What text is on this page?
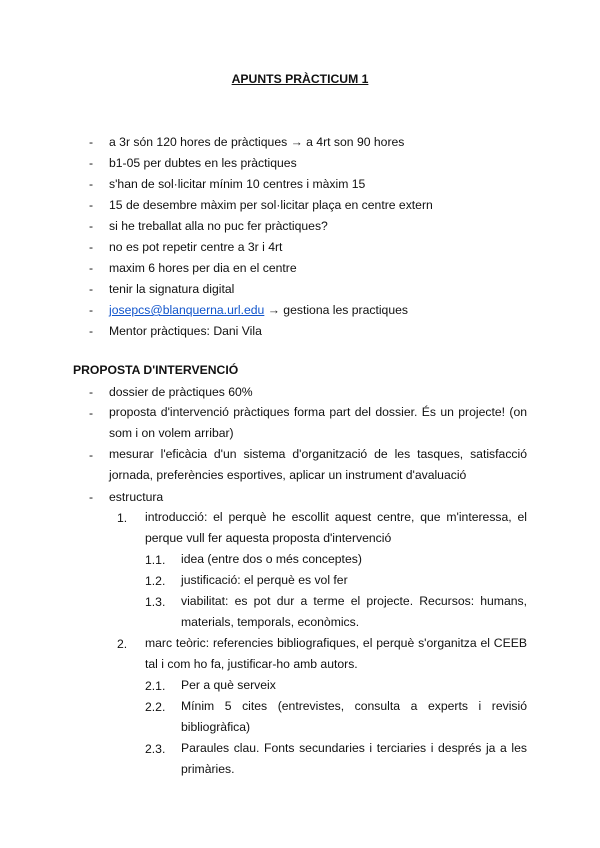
APUNTS PRÀCTICUM 1
- a 3r són 120 hores de pràctiques → a 4rt son 90 hores
- b1-05 per dubtes en les pràctiques
- s'han de sol·licitar mínim 10 centres i màxim 15
- 15 de desembre màxim per sol·licitar plaça en centre extern
- si he treballat alla no puc fer pràctiques?
- no es pot repetir centre a 3r i 4rt
- maxim 6 hores per dia en el centre
- tenir la signatura digital
- josepcs@blanquerna.url.edu → gestiona les practiques
- Mentor pràctiques: Dani Vila
PROPOSTA D'INTERVENCIÓ
- dossier de pràctiques 60%
- proposta d'intervenció pràctiques forma part del dossier. És un projecte! (on som i on volem arribar)
- mesurar l'eficàcia d'un sistema d'organització de les tasques, satisfacció jornada, preferències esportives, aplicar un instrument d'avaluació
- estructura
1. introducció: el perquè he escollit aquest centre, que m'interessa, el perque vull fer aquesta proposta d'intervenció
1.1. idea (entre dos o més conceptes)
1.2. justificació: el perquè es vol fer
1.3. viabilitat: es pot dur a terme el projecte. Recursos: humans, materials, temporals, econòmics.
2. marc teòric: referencies bibliografiques, el perquè s'organitza el CEEB tal i com ho fa, justificar-ho amb autors.
2.1. Per a què serveix
2.2. Mínim 5 cites (entrevistes, consulta a experts i revisió bibliogràfica)
2.3. Paraules clau. Fonts secundaries i terciaries i després ja a les primàries.
